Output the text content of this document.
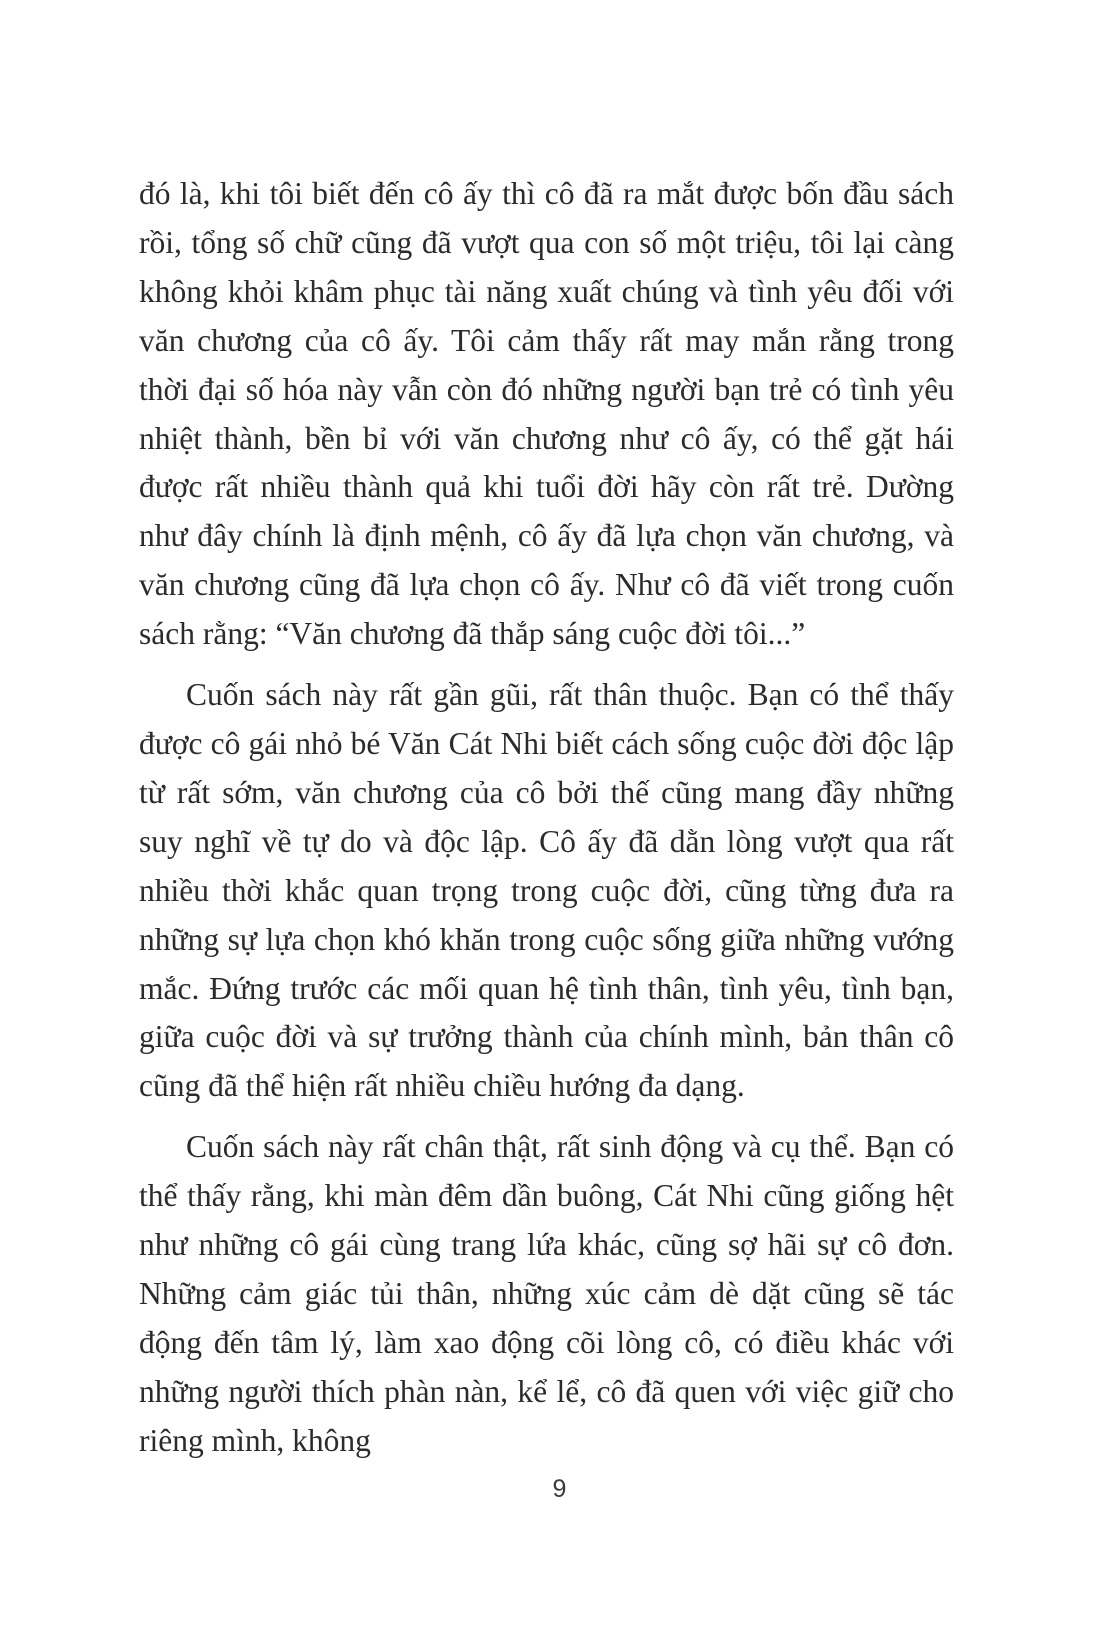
đó là, khi tôi biết đến cô ấy thì cô đã ra mắt được bốn đầu sách rồi, tổng số chữ cũng đã vượt qua con số một triệu, tôi lại càng không khỏi khâm phục tài năng xuất chúng và tình yêu đối với văn chương của cô ấy. Tôi cảm thấy rất may mắn rằng trong thời đại số hóa này vẫn còn đó những người bạn trẻ có tình yêu nhiệt thành, bền bỉ với văn chương như cô ấy, có thể gặt hái được rất nhiều thành quả khi tuổi đời hãy còn rất trẻ. Dường như đây chính là định mệnh, cô ấy đã lựa chọn văn chương, và văn chương cũng đã lựa chọn cô ấy. Như cô đã viết trong cuốn sách rằng: “Văn chương đã thắp sáng cuộc đời tôi...”

Cuốn sách này rất gần gũi, rất thân thuộc. Bạn có thể thấy được cô gái nhỏ bé Văn Cát Nhi biết cách sống cuộc đời độc lập từ rất sớm, văn chương của cô bởi thế cũng mang đầy những suy nghĩ về tự do và độc lập. Cô ấy đã dằn lòng vượt qua rất nhiều thời khắc quan trọng trong cuộc đời, cũng từng đưa ra những sự lựa chọn khó khăn trong cuộc sống giữa những vướng mắc. Đứng trước các mối quan hệ tình thân, tình yêu, tình bạn, giữa cuộc đời và sự trưởng thành của chính mình, bản thân cô cũng đã thể hiện rất nhiều chiều hướng đa dạng.

Cuốn sách này rất chân thật, rất sinh động và cụ thể. Bạn có thể thấy rằng, khi màn đêm dần buông, Cát Nhi cũng giống hệt như những cô gái cùng trang lứa khác, cũng sợ hãi sự cô đơn. Những cảm giác tủi thân, những xúc cảm dè dặt cũng sẽ tác động đến tâm lý, làm xao động cõi lòng cô, có điều khác với những người thích phàn nàn, kể lể, cô đã quen với việc giữ cho riêng mình, không

9
